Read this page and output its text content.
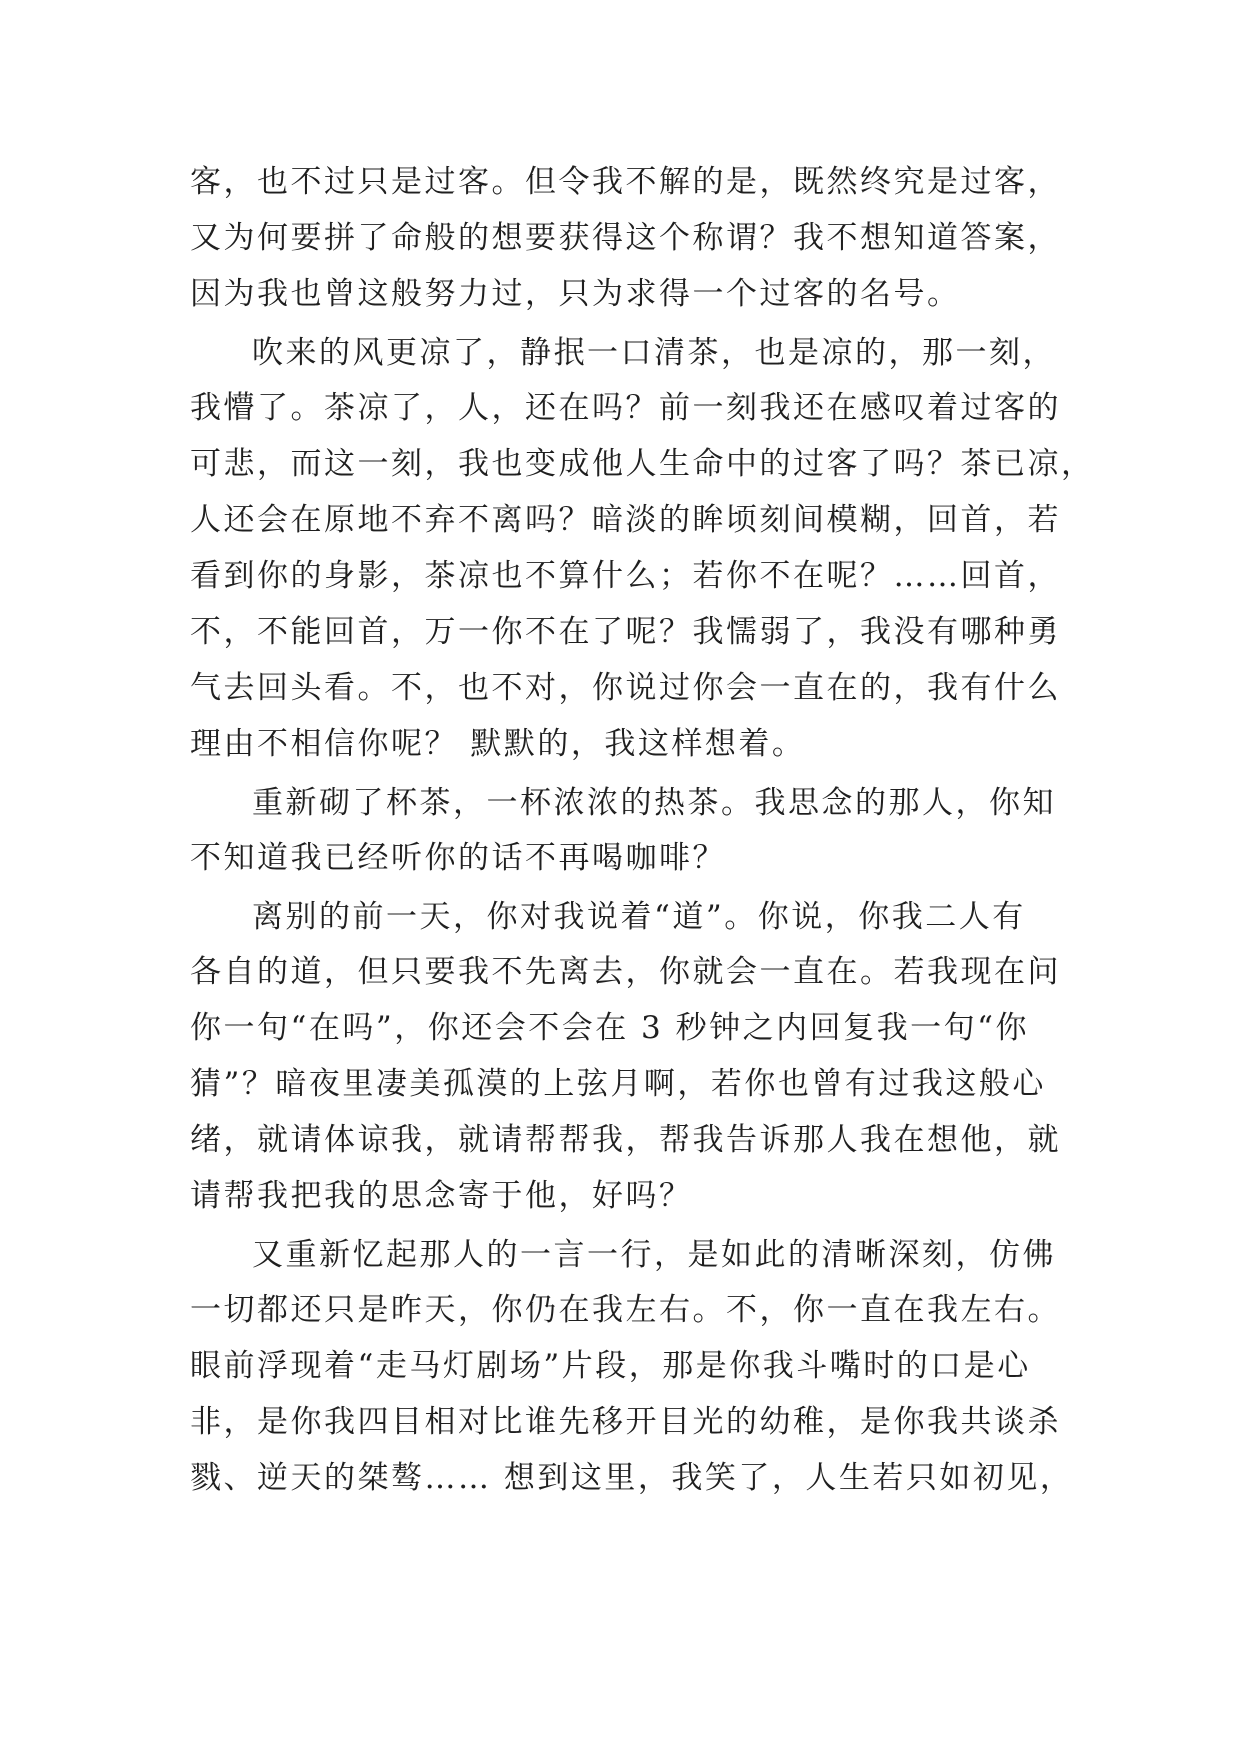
客，也不过只是过客。但令我不解的是，既然终究是过客，
又为何要拼了命般的想要获得这个称谓？我不想知道答案，
因为我也曾这般努力过，只为求得一个过客的名号。
吹来的风更凉了，静抿一口清茶，也是凉的，那一刻，
我懵了。茶凉了，人，还在吗？前一刻我还在感叹着过客的
可悲，而这一刻，我也变成他人生命中的过客了吗？茶已凉，
人还会在原地不弃不离吗？暗淡的眸顷刻间模糊，回首，若
看到你的身影，茶凉也不算什么；若你不在呢？……回首，
不，不能回首，万一你不在了呢？我懦弱了，我没有哪种勇
气去回头看。不，也不对，你说过你会一直在的，我有什么
理由不相信你呢？ 默默的，我这样想着。
重新砌了杯茶，一杯浓浓的热茶。我思念的那人，你知
不知道我已经听你的话不再喝咖啡？
离别的前一天，你对我说着“道”。你说，你我二人有
各自的道，但只要我不先离去，你就会一直在。若我现在问
你一句“在吗”，你还会不会在 3 秒钟之内回复我一句“你
猜”？暗夜里凄美孤漠的上弦月啊，若你也曾有过我这般心
绪，就请体谅我，就请帮帮我，帮我告诉那人我在想他，就
请帮我把我的思念寄于他，好吗？
又重新忆起那人的一言一行，是如此的清晰深刻，仿佛
一切都还只是昨天，你仍在我左右。不，你一直在我左右。
眼前浮现着“走马灯剧场”片段，那是你我斗嘴时的口是心
非，是你我四目相对比谁先移开目光的幼稚，是你我共谈杀
戮、逆天的桀骜…… 想到这里，我笑了，人生若只如初见，
